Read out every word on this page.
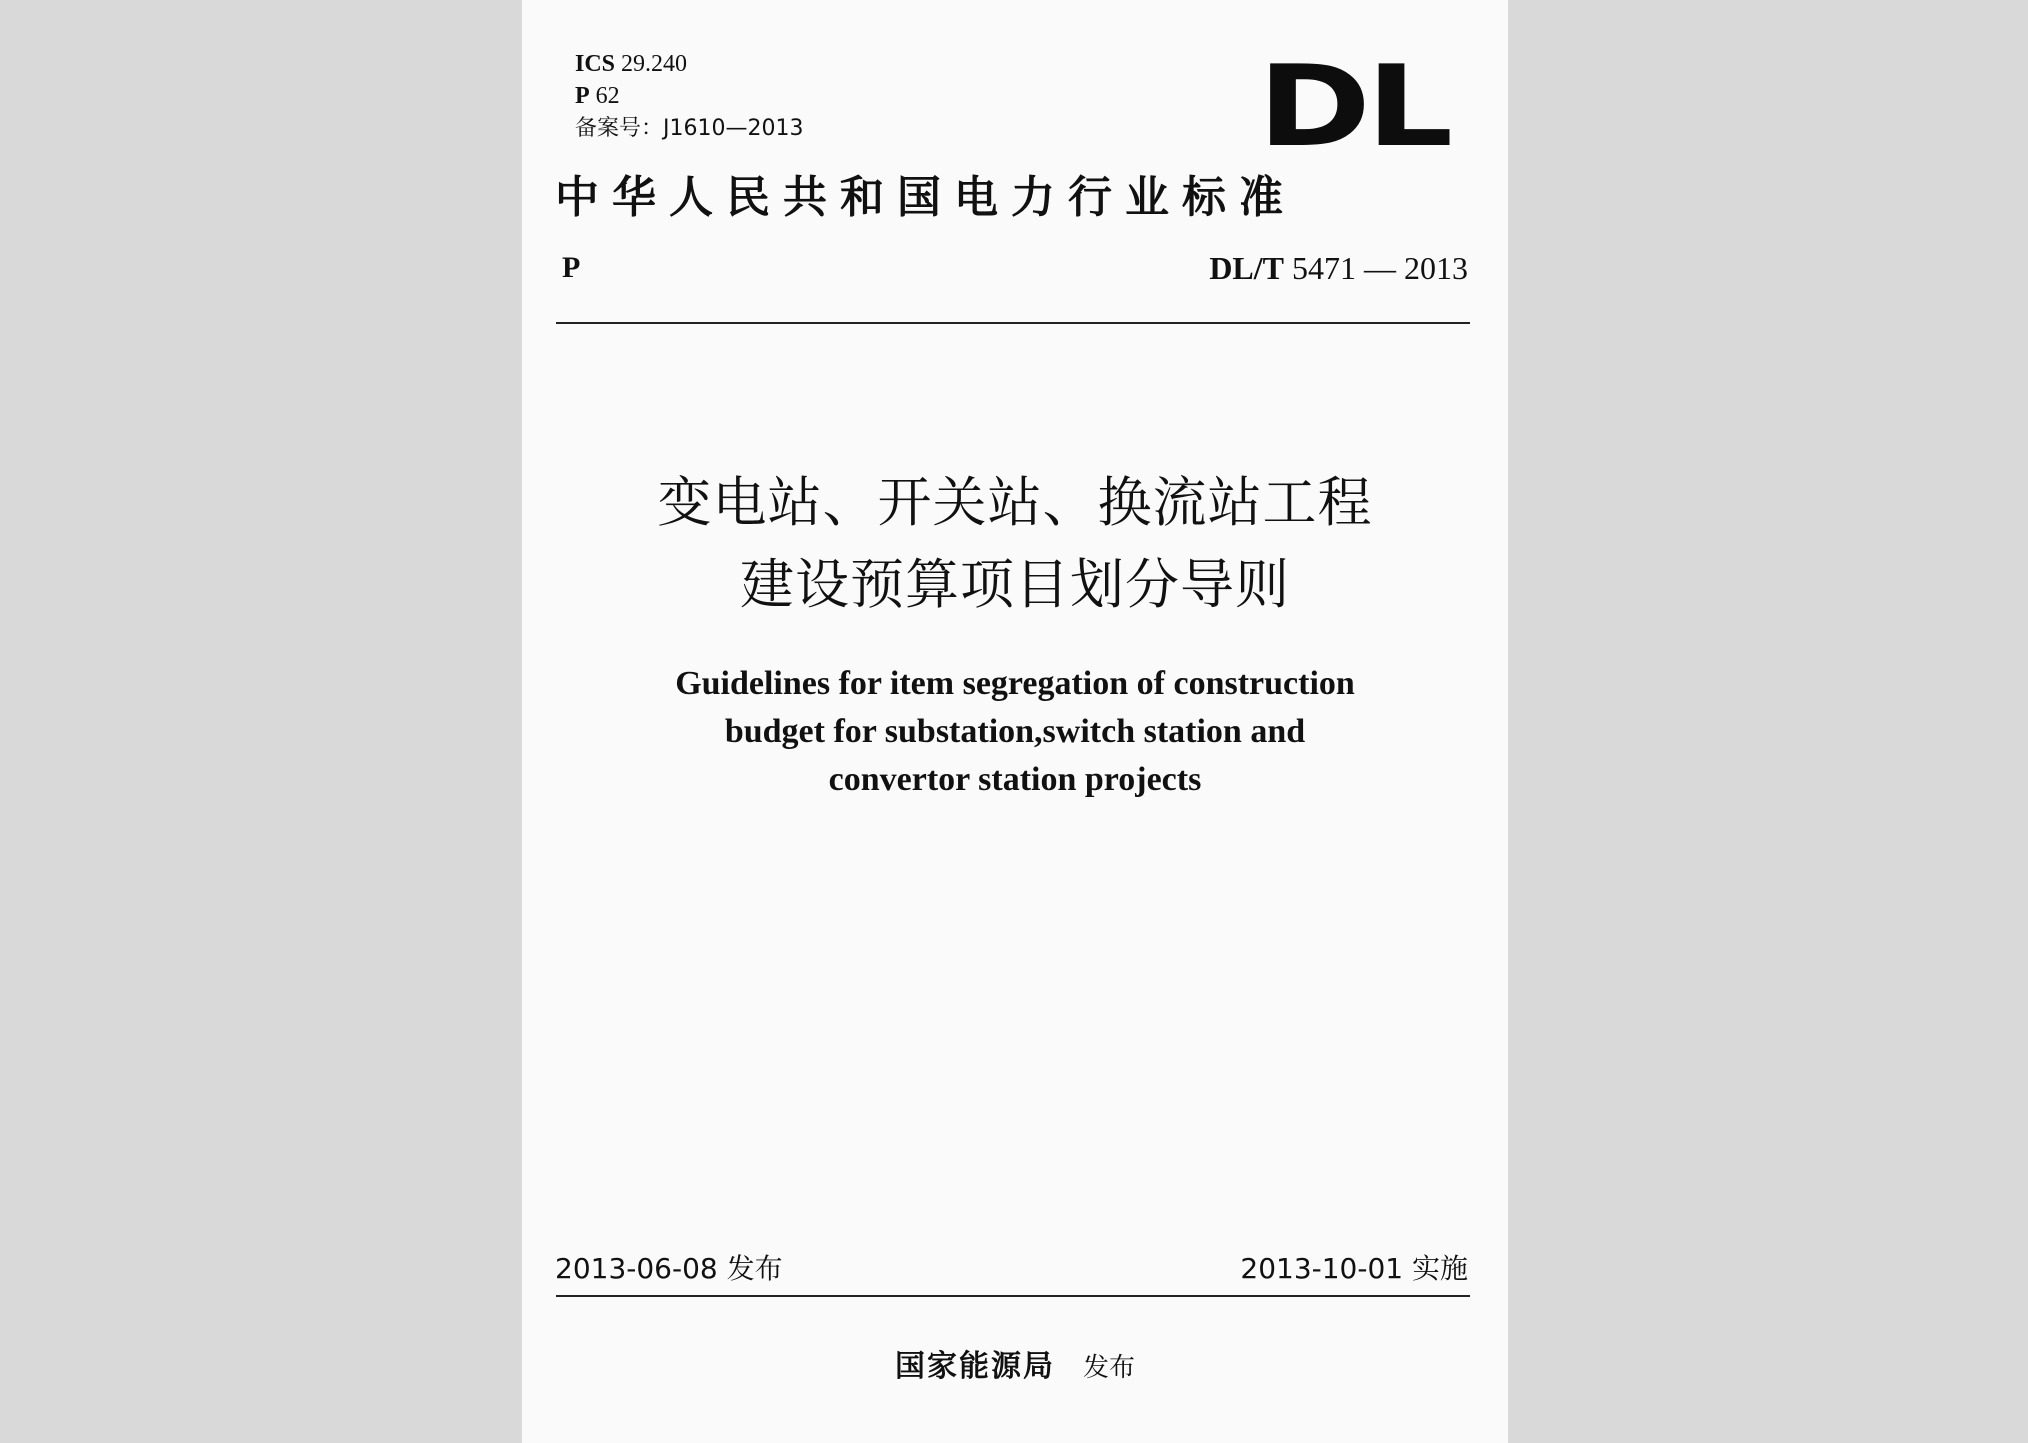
ICS 29.240
P 62
备案号：J1610—2013	DL
中华人民共和国电力行业标准
P	DL/T 5471 — 2013
变电站、开关站、换流站工程
建设预算项目划分导则
Guidelines for item segregation of construction
budget for substation,switch station and
convertor station projects
2013-06-08 发布	2013-10-01 实施
国家能源局 发布
